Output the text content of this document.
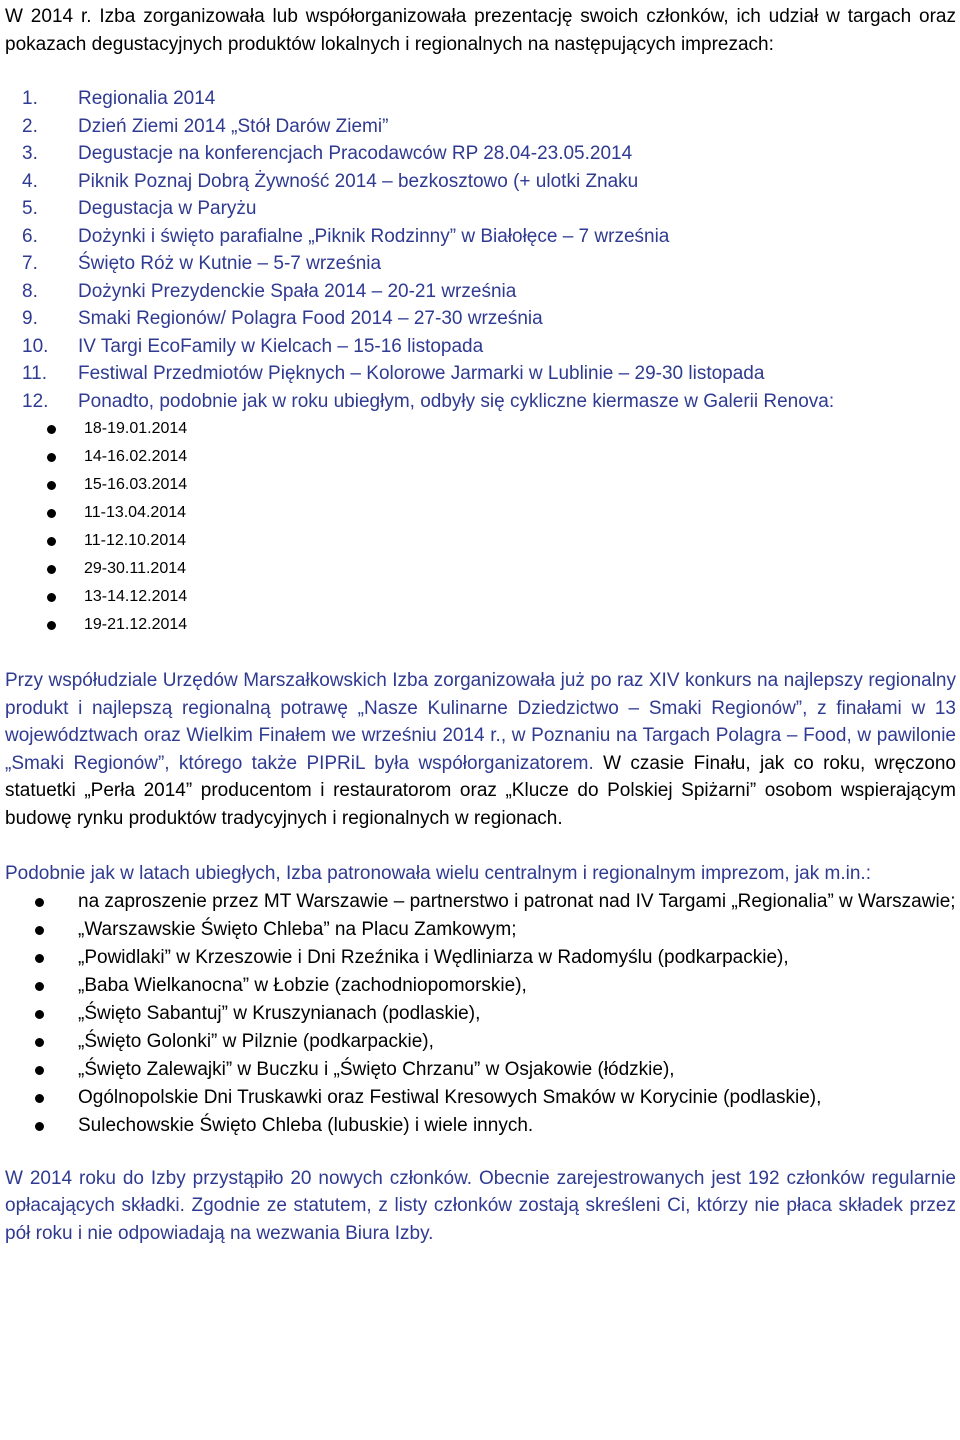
W 2014 r. Izba zorganizowała lub współorganizowała prezentację swoich członków, ich udział w targach oraz pokazach degustacyjnych produktów lokalnych i regionalnych na następujących imprezach:

1.	Regionalia 2014
2.	Dzień Ziemi 2014 „Stół Darów Ziemi”
3.	Degustacje na konferencjach Pracodawców RP 28.04-23.05.2014
4.	Piknik Poznaj Dobrą Żywność 2014 – bezkosztowo (+ ulotki Znaku
5.	Degustacja w Paryżu
6.	Dożynki i święto parafialne „Piknik Rodzinny” w Białołęce – 7 września
7.	Święto Róż w Kutnie – 5-7 września
8.	Dożynki Prezydenckie Spała 2014 – 20-21 września
9.	Smaki Regionów/ Polagra Food 2014 – 27-30 września
10.	IV Targi EcoFamily w Kielcach – 15-16 listopada
11.	Festiwal Przedmiotów Pięknych – Kolorowe Jarmarki w Lublinie – 29-30 listopada
12.	Ponadto, podobnie jak w roku ubiegłym, odbyły się cykliczne kiermasze w Galerii Renova:
18-19.01.2014
14-16.02.2014
15-16.03.2014
11-13.04.2014
11-12.10.2014
29-30.11.2014
13-14.12.2014
19-21.12.2014

Przy współudziale Urzędów Marszałkowskich Izba zorganizowała już po raz XIV konkurs na najlepszy regionalny produkt i najlepszą regionalną potrawę „Nasze Kulinarne Dziedzictwo – Smaki Regionów”, z finałami w 13 województwach oraz Wielkim Finałem we wrześniu 2014 r., w Poznaniu na Targach Polagra – Food, w pawilonie „Smaki Regionów”, którego także PIPRiL była współorganizatorem. W czasie Finału, jak co roku, wręczono statuetki „Perła 2014” producentom i restauratorom oraz „Klucze do Polskiej Spiżarni” osobom wspierającym budowę rynku produktów tradycyjnych i regionalnych w regionach.

Podobnie jak w latach ubiegłych, Izba patronowała wielu centralnym i regionalnym imprezom, jak m.in.:

na zaproszenie przez MT Warszawie – partnerstwo i patronat nad IV Targami „Regionalia” w Warszawie;
„Warszawskie Święto Chleba” na Placu Zamkowym;
„Powidlaki” w Krzeszowie i Dni Rzeźnika i Wędliniarza w Radomyślu (podkarpackie),
„Baba Wielkanocna” w Łobzie (zachodniopomorskie),
„Święto Sabantuj” w Kruszynianach (podlaskie),
„Święto Golonki” w Pilznie (podkarpackie),
„Święto Zalewajki” w Buczku i „Święto Chrzanu” w Osjakowie (łódzkie),
Ogólnopolskie Dni Truskawki oraz Festiwal Kresowych Smaków w Korycinie (podlaskie),
Sulechowskie Święto Chleba (lubuskie) i wiele innych.

W 2014 roku do Izby przystąpiło 20 nowych członków. Obecnie zarejestrowanych jest 192 członków regularnie opłacających składki. Zgodnie ze statutem, z listy członków zostają skreśleni Ci, którzy nie płaca składek przez pół roku i nie odpowiadają na wezwania Biura Izby.
